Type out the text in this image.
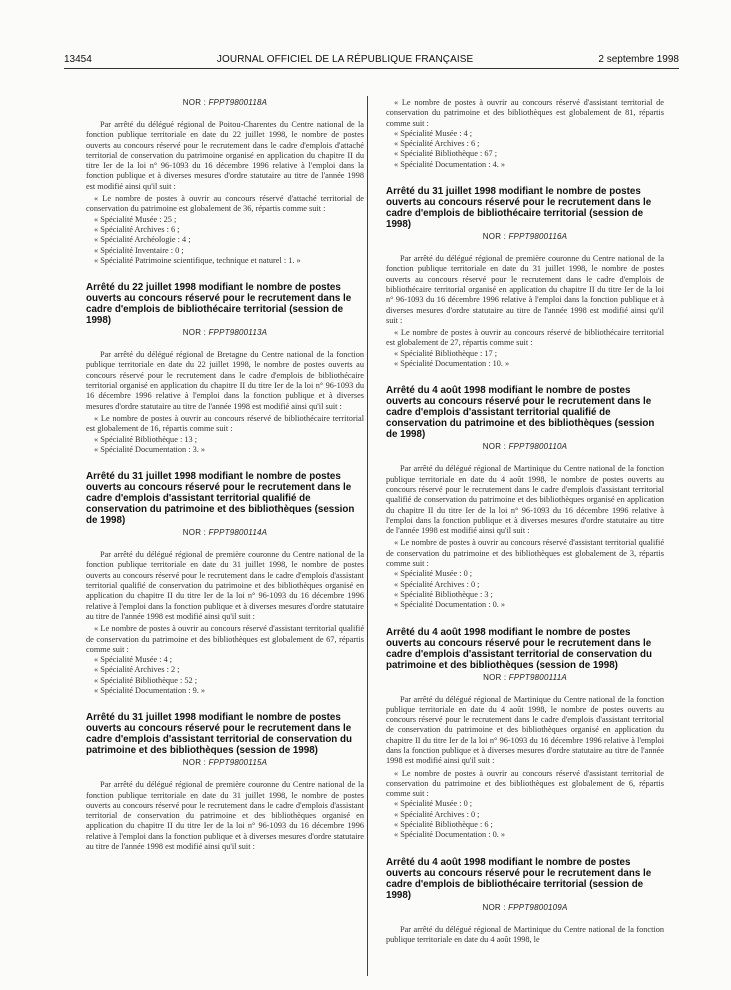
13454	JOURNAL OFFICIEL DE LA RÉPUBLIQUE FRANÇAISE	2 septembre 1998
NOR : FPPT9800118A

Par arrêté du délégué régional de Poitou-Charentes du Centre national de la fonction publique territoriale en date du 22 juillet 1998, le nombre de postes ouverts au concours réservé pour le recrutement dans le cadre d'emplois d'attaché territorial de conservation du patrimoine organisé en application du chapitre II du titre Ier de la loi n° 96-1093 du 16 décembre 1996 relative à l'emploi dans la fonction publique et à diverses mesures d'ordre statutaire au titre de l'année 1998 est modifié ainsi qu'il suit :

« Le nombre de postes à ouvrir au concours réservé d'attaché territorial de conservation du patrimoine est globalement de 36, répartis comme suit :

« Spécialité Musée : 25 ;
« Spécialité Archives : 6 ;
« Spécialité Archéologie : 4 ;
« Spécialité Inventaire : 0 ;
« Spécialité Patrimoine scientifique, technique et naturel : 1. »
Arrêté du 22 juillet 1998 modifiant le nombre de postes ouverts au concours réservé pour le recrutement dans le cadre d'emplois de bibliothécaire territorial (session de 1998)
NOR : FPPT9800113A

Par arrêté du délégué régional de Bretagne du Centre national de la fonction publique territoriale en date du 22 juillet 1998, le nombre de postes ouverts au concours réservé pour le recrutement dans le cadre d'emplois de bibliothécaire territorial organisé en application du chapitre II du titre Ier de la loi n° 96-1093 du 16 décembre 1996 relative à l'emploi dans la fonction publique et à diverses mesures d'ordre statutaire au titre de l'année 1998 est modifié ainsi qu'il suit :

« Le nombre de postes à ouvrir au concours réservé de bibliothécaire territorial est globalement de 16, répartis comme suit :

« Spécialité Bibliothèque : 13 ;
« Spécialité Documentation : 3. »
Arrêté du 31 juillet 1998 modifiant le nombre de postes ouverts au concours réservé pour le recrutement dans le cadre d'emplois d'assistant territorial qualifié de conservation du patrimoine et des bibliothèques (session de 1998)
NOR : FPPT9800114A

Par arrêté du délégué régional de première couronne du Centre national de la fonction publique territoriale en date du 31 juillet 1998, le nombre de postes ouverts au concours réservé pour le recrutement dans le cadre d'emplois d'assistant territorial qualifié de conservation du patrimoine et des bibliothèques organisé en application du chapitre II du titre Ier de la loi n° 96-1093 du 16 décembre 1996 relative à l'emploi dans la fonction publique et à diverses mesures d'ordre statutaire au titre de l'année 1998 est modifié ainsi qu'il suit :

« Le nombre de postes à ouvrir au concours réservé d'assistant territorial qualifié de conservation du patrimoine et des bibliothèques est globalement de 67, répartis comme suit :

« Spécialité Musée : 4 ;
« Spécialité Archives : 2 ;
« Spécialité Bibliothèque : 52 ;
« Spécialité Documentation : 9. »
Arrêté du 31 juillet 1998 modifiant le nombre de postes ouverts au concours réservé pour le recrutement dans le cadre d'emplois d'assistant territorial de conservation du patrimoine et des bibliothèques (session de 1998)
NOR : FPPT9800115A

Par arrêté du délégué régional de première couronne du Centre national de la fonction publique territoriale en date du 31 juillet 1998, le nombre de postes ouverts au concours réservé pour le recrutement dans le cadre d'emplois d'assistant territorial de conservation du patrimoine et des bibliothèques organisé en application du chapitre II du titre Ier de la loi n° 96-1093 du 16 décembre 1996 relative à l'emploi dans la fonction publique et à diverses mesures d'ordre statutaire au titre de l'année 1998 est modifié ainsi qu'il suit :

« Le nombre de postes à ouvrir au concours réservé d'assistant territorial de conservation du patrimoine et des bibliothèques est globalement de 81, répartis comme suit :

« Spécialité Musée : 4 ;
« Spécialité Archives : 6 ;
« Spécialité Bibliothèque : 67 ;
« Spécialité Documentation : 4. »
Arrêté du 31 juillet 1998 modifiant le nombre de postes ouverts au concours réservé pour le recrutement dans le cadre d'emplois de bibliothécaire territorial (session de 1998)
NOR : FPPT9800116A

Par arrêté du délégué régional de première couronne du Centre national de la fonction publique territoriale en date du 31 juillet 1998, le nombre de postes ouverts au concours réservé pour le recrutement dans le cadre d'emplois de bibliothécaire territorial organisé en application du chapitre II du titre Ier de la loi n° 96-1093 du 16 décembre 1996 relative à l'emploi dans la fonction publique et à diverses mesures d'ordre statutaire au titre de l'année 1998 est modifié ainsi qu'il suit :

« Le nombre de postes à ouvrir au concours réservé de bibliothécaire territorial est globalement de 27, répartis comme suit :

« Spécialité Bibliothèque : 17 ;
« Spécialité Documentation : 10. »
Arrêté du 4 août 1998 modifiant le nombre de postes ouverts au concours réservé pour le recrutement dans le cadre d'emplois d'assistant territorial qualifié de conservation du patrimoine et des bibliothèques (session de 1998)
NOR : FPPT9800110A

Par arrêté du délégué régional de Martinique du Centre national de la fonction publique territoriale en date du 4 août 1998, le nombre de postes ouverts au concours réservé pour le recrutement dans le cadre d'emplois d'assistant territorial qualifié de conservation du patrimoine et des bibliothèques organisé en application du chapitre II du titre Ier de la loi n° 96-1093 du 16 décembre 1996 relative à l'emploi dans la fonction publique et à diverses mesures d'ordre statutaire au titre de l'année 1998 est modifié ainsi qu'il suit :

« Le nombre de postes à ouvrir au concours réservé d'assistant territorial qualifié de conservation du patrimoine et des bibliothèques est globalement de 3, répartis comme suit :

« Spécialité Musée : 0 ;
« Spécialité Archives : 0 ;
« Spécialité Bibliothèque : 3 ;
« Spécialité Documentation : 0. »
Arrêté du 4 août 1998 modifiant le nombre de postes ouverts au concours réservé pour le recrutement dans le cadre d'emplois d'assistant territorial de conservation du patrimoine et des bibliothèques (session de 1998)
NOR : FPPT9800111A

Par arrêté du délégué régional de Martinique du Centre national de la fonction publique territoriale en date du 4 août 1998, le nombre de postes ouverts au concours réservé pour le recrutement dans le cadre d'emplois d'assistant territorial de conservation du patrimoine et des bibliothèques organisé en application du chapitre II du titre Ier de la loi n° 96-1093 du 16 décembre 1996 relative à l'emploi dans la fonction publique et à diverses mesures d'ordre statutaire au titre de l'année 1998 est modifié ainsi qu'il suit :

« Le nombre de postes à ouvrir au concours réservé d'assistant territorial de conservation du patrimoine et des bibliothèques est globalement de 6, répartis comme suit :

« Spécialité Musée : 0 ;
« Spécialité Archives : 0 ;
« Spécialité Bibliothèque : 6 ;
« Spécialité Documentation : 0. »
Arrêté du 4 août 1998 modifiant le nombre de postes ouverts au concours réservé pour le recrutement dans le cadre d'emplois de bibliothécaire territorial (session de 1998)
NOR : FPPT9800109A

Par arrêté du délégué régional de Martinique du Centre national de la fonction publique territoriale en date du 4 août 1998, le
